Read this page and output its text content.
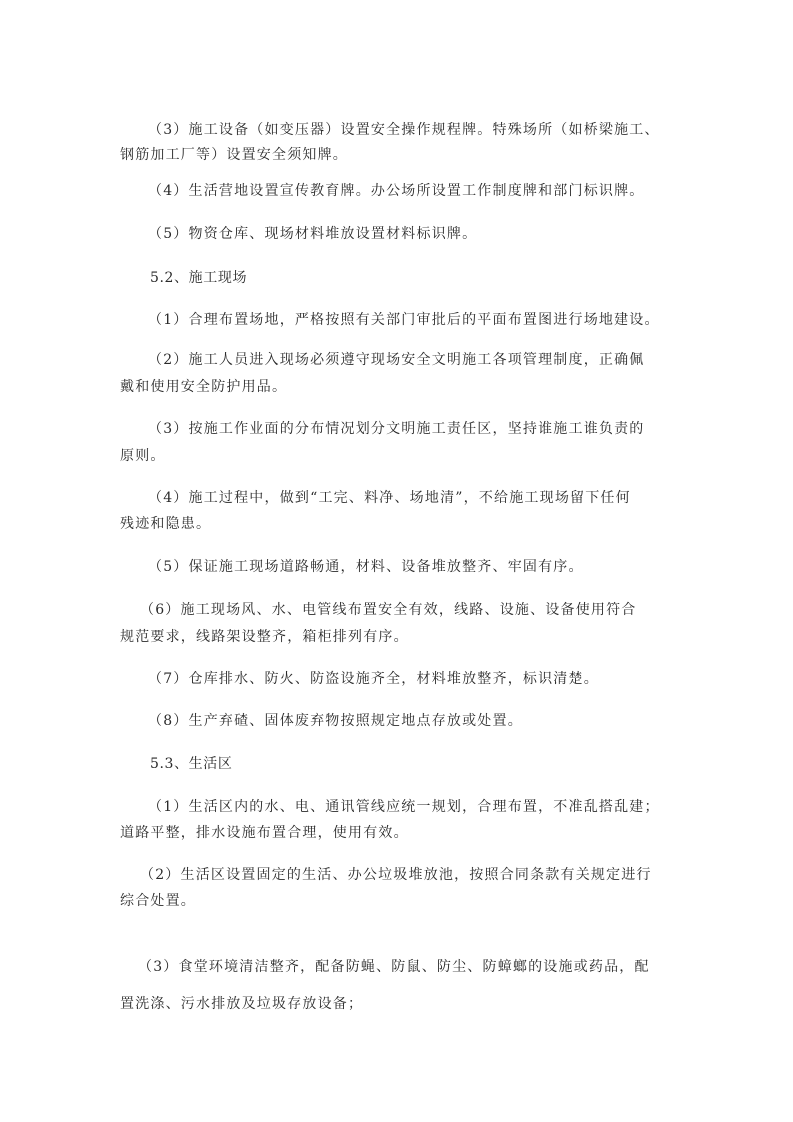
（3）施工设备（如变压器）设置安全操作规程牌。特殊场所（如桥梁施工、
钢筋加工厂等）设置安全须知牌。
（4）生活营地设置宣传教育牌。办公场所设置工作制度牌和部门标识牌。
（5）物资仓库、现场材料堆放设置材料标识牌。
5.2、施工现场
（1）合理布置场地，严格按照有关部门审批后的平面布置图进行场地建设。
（2）施工人员进入现场必须遵守现场安全文明施工各项管理制度，正确佩
戴和使用安全防护用品。
（3）按施工作业面的分布情况划分文明施工责任区，坚持谁施工谁负责的
原则。
（4）施工过程中，做到“工完、料净、场地清”，不给施工现场留下任何
残迹和隐患。
（5）保证施工现场道路畅通，材料、设备堆放整齐、牢固有序。
（6）施工现场风、水、电管线布置安全有效，线路、设施、设备使用符合
规范要求，线路架设整齐，箱柜排列有序。
（7）仓库排水、防火、防盗设施齐全，材料堆放整齐，标识清楚。
（8）生产弃碴、固体废弃物按照规定地点存放或处置。
5.3、生活区
（1）生活区内的水、电、通讯管线应统一规划，合理布置，不准乱搭乱建；
道路平整，排水设施布置合理，使用有效。
（2）生活区设置固定的生活、办公垃圾堆放池，按照合同条款有关规定进行
综合处置。
（3）食堂环境清洁整齐，配备防蝇、防鼠、防尘、防蟑螂的设施或药品，配
置洗涤、污水排放及垃圾存放设备；
